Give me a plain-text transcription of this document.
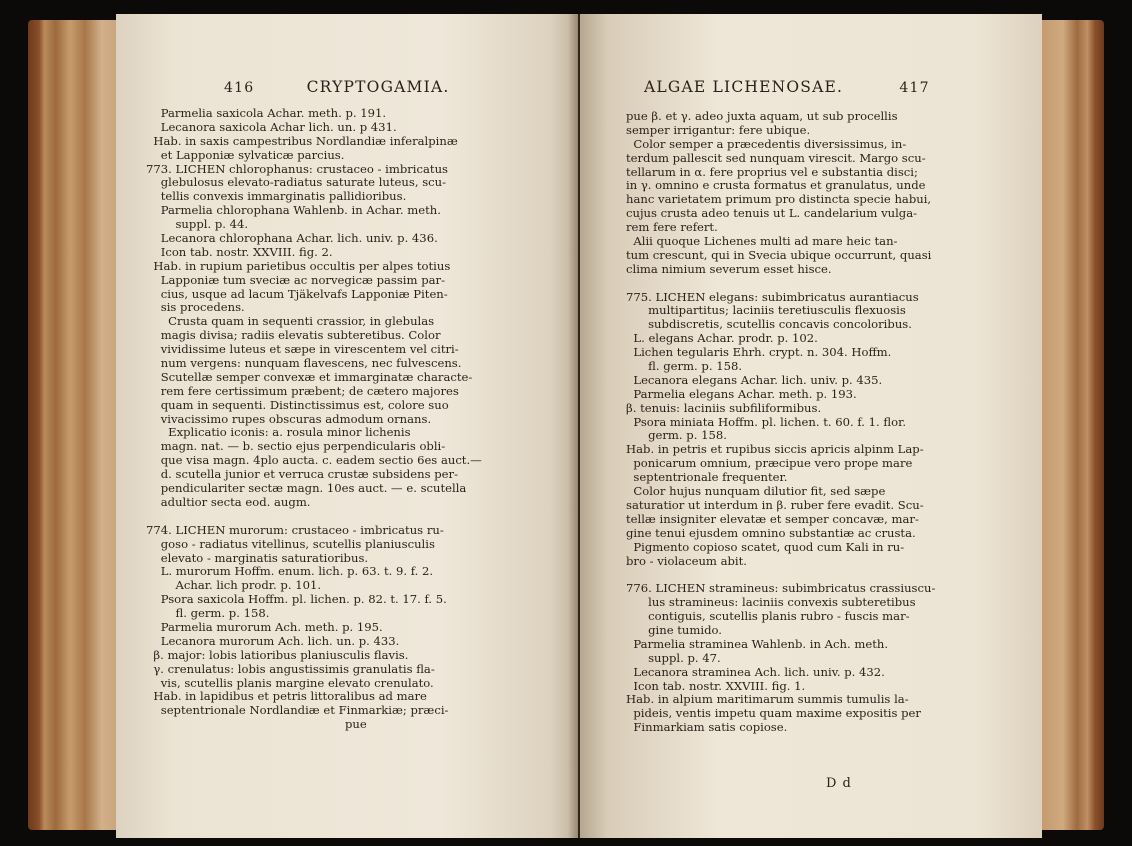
416	CRYPTOGAMIA.
Parmelia saxicola Achar. meth. p. 191.
Lecanora saxicola Achar lich. un. p 431.
Hab. in saxis campestribus Nordlandiæ inferalpinæ
et Lapponiæ sylvaticæ parcius.
773. LICHEN chlorophanus: crustaceo - imbricatus
glebulosus elevato-radiatus saturate luteus, scu-
tellis convexis immarginatis pallidioribus.
Parmelia chlorophana Wahlenb. in Achar. meth.
suppl. p. 44.
Lecanora chlorophana Achar. lich. univ. p. 436.
Icon tab. nostr. XXVIII. fig. 2.
Hab. in rupium parietibus occultis per alpes totius
Lapponiæ tum sveciæ ac norvegicæ passim par-
cius, usque ad lacum Tjäkelvafs Lapponiæ Piten-
sis procedens.
Crusta quam in sequenti crassior, in glebulas
magis divisa; radiis elevatis subteretibus. Color
vividissime luteus et sæpe in virescentem vel citri-
num vergens: nunquam flavescens, nec fulvescens.
Scutellæ semper convexæ et immarginatæ characte-
rem fere certissimum præbent; de cætero majores
quam in sequenti. Distinctissimus est, colore suo
vivacissimo rupes obscuras admodum ornans.
Explicatio iconis: a. rosula minor lichenis
magn. nat. — b. sectio ejus perpendicularis obli-
que visa magn. 4plo aucta. c. eadem sectio 6es auct.—
d. scutella junior et verruca crustæ subsidens per-
pendiculariter sectæ magn. 10es auct. — e. scutella
adultior secta eod. augm.
774. LICHEN murorum: crustaceo - imbricatus ru-
goso - radiatus vitellinus, scutellis planiusculis
elevato - marginatis saturatioribus.
L. murorum Hoffm. enum. lich. p. 63. t. 9. f. 2.
Achar. lich prodr. p. 101.
Psora saxicola Hoffm. pl. lichen. p. 82. t. 17. f. 5.
fl. germ. p. 158.
Parmelia murorum Ach. meth. p. 195.
Lecanora murorum Ach. lich. un. p. 433.
β. major: lobis latioribus planiusculis flavis.
γ. crenulatus: lobis angustissimis granulatis fla-
vis, scutellis planis margine elevato crenulato.
Hab. in lapidibus et petris littoralibus ad mare
septentrionale Nordlandiæ et Finmarkiæ; præci-
pue
ALGAE LICHENOSAE.	417
pue β. et γ. adeo juxta aquam, ut sub procellis
semper irrigantur: fere ubique.
Color semper a præcedentis diversissimus, in-
terdum pallescit sed nunquam virescit. Margo scu-
tellarum in α. fere proprius vel e substantia disci;
in γ. omnino e crusta formatus et granulatus, unde
hanc varietatem primum pro distincta specie habui,
cujus crusta adeo tenuis ut L. candelarium vulga-
rem fere refert.
Alii quoque Lichenes multi ad mare heic tan-
tum crescunt, qui in Svecia ubique occurrunt, quasi
clima nimium severum esset hisce.
775. LICHEN elegans: subimbricatus aurantiacus
multipartitus; laciniis teretiusculis flexuosis
subdiscretis, scutellis concavis concoloribus.
L. elegans Achar. prodr. p. 102.
Lichen tegularis Ehrh. crypt. n. 304. Hoffm.
fl. germ. p. 158.
Lecanora elegans Achar. lich. univ. p. 435.
Parmelia elegans Achar. meth. p. 193.
β. tenuis: laciniis subfiliformibus.
Psora miniata Hoffm. pl. lichen. t. 60. f. 1. flor.
germ. p. 158.
Hab. in petris et rupibus siccis apricis alpinm Lap-
ponicarum omnium, præcipue vero prope mare
septentrionale frequenter.
Color hujus nunquam dilutior fit, sed sæpe
saturatior ut interdum in β. ruber fere evadit. Scu-
tellæ insigniter elevatæ et semper concavæ, mar-
gine tenui ejusdem omnino substantiæ ac crusta.
Pigmento copioso scatet, quod cum Kali in ru-
bro - violaceum abit.
776. LICHEN stramineus: subimbricatus crassiuscu-
lus stramineus: laciniis convexis subteretibus
contiguis, scutellis planis rubro - fuscis mar-
gine tumido.
Parmelia stramineа Wahlenb. in Ach. meth.
suppl. p. 47.
Lecanora straminea Ach. lich. univ. p. 432.
Icon tab. nostr. XXVIII. fig. 1.
Hab. in alpium maritimarum summis tumulis la-
pideis, ventis impetu quam maxime expositis per
Finmarkiam satis copiose.
D d
